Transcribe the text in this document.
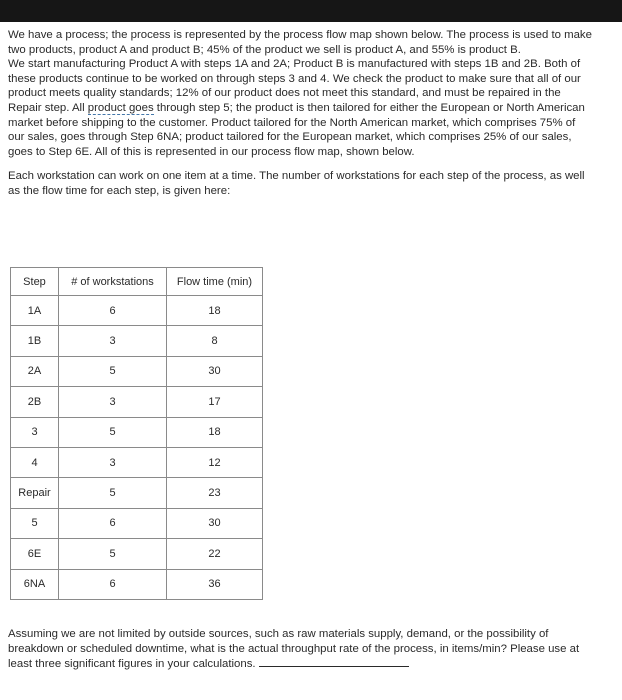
We have a process; the process is represented by the process flow map shown below. The process is used to make two products, product A and product B; 45% of the product we sell is product A, and 55% is product B.

We start manufacturing Product A with steps 1A and 2A; Product B is manufactured with steps 1B and 2B. Both of these products continue to be worked on through steps 3 and 4. We check the product to make sure that all of our product meets quality standards; 12% of our product does not meet this standard, and must be repaired in the Repair step. All product goes through step 5; the product is then tailored for either the European or North American market before shipping to the customer. Product tailored for the North American market, which comprises 75% of our sales, goes through Step 6NA; product tailored for the European market, which comprises 25% of our sales, goes to Step 6E. All of this is represented in our process flow map, shown below.

Each workstation can work on one item at a time. The number of workstations for each step of the process, as well as the flow time for each step, is given here:

Step	# of workstations	Flow time (min)
1A	6	18
1B	3	8
2A	5	30
2B	3	17
3	5	18
4	3	12
Repair	5	23
5	6	30
6E	5	22
6NA	6	36
Assuming we are not limited by outside sources, such as raw materials supply, demand, or the possibility of breakdown or scheduled downtime, what is the actual throughput rate of the process, in items/min? Please use at least three significant figures in your calculations.
